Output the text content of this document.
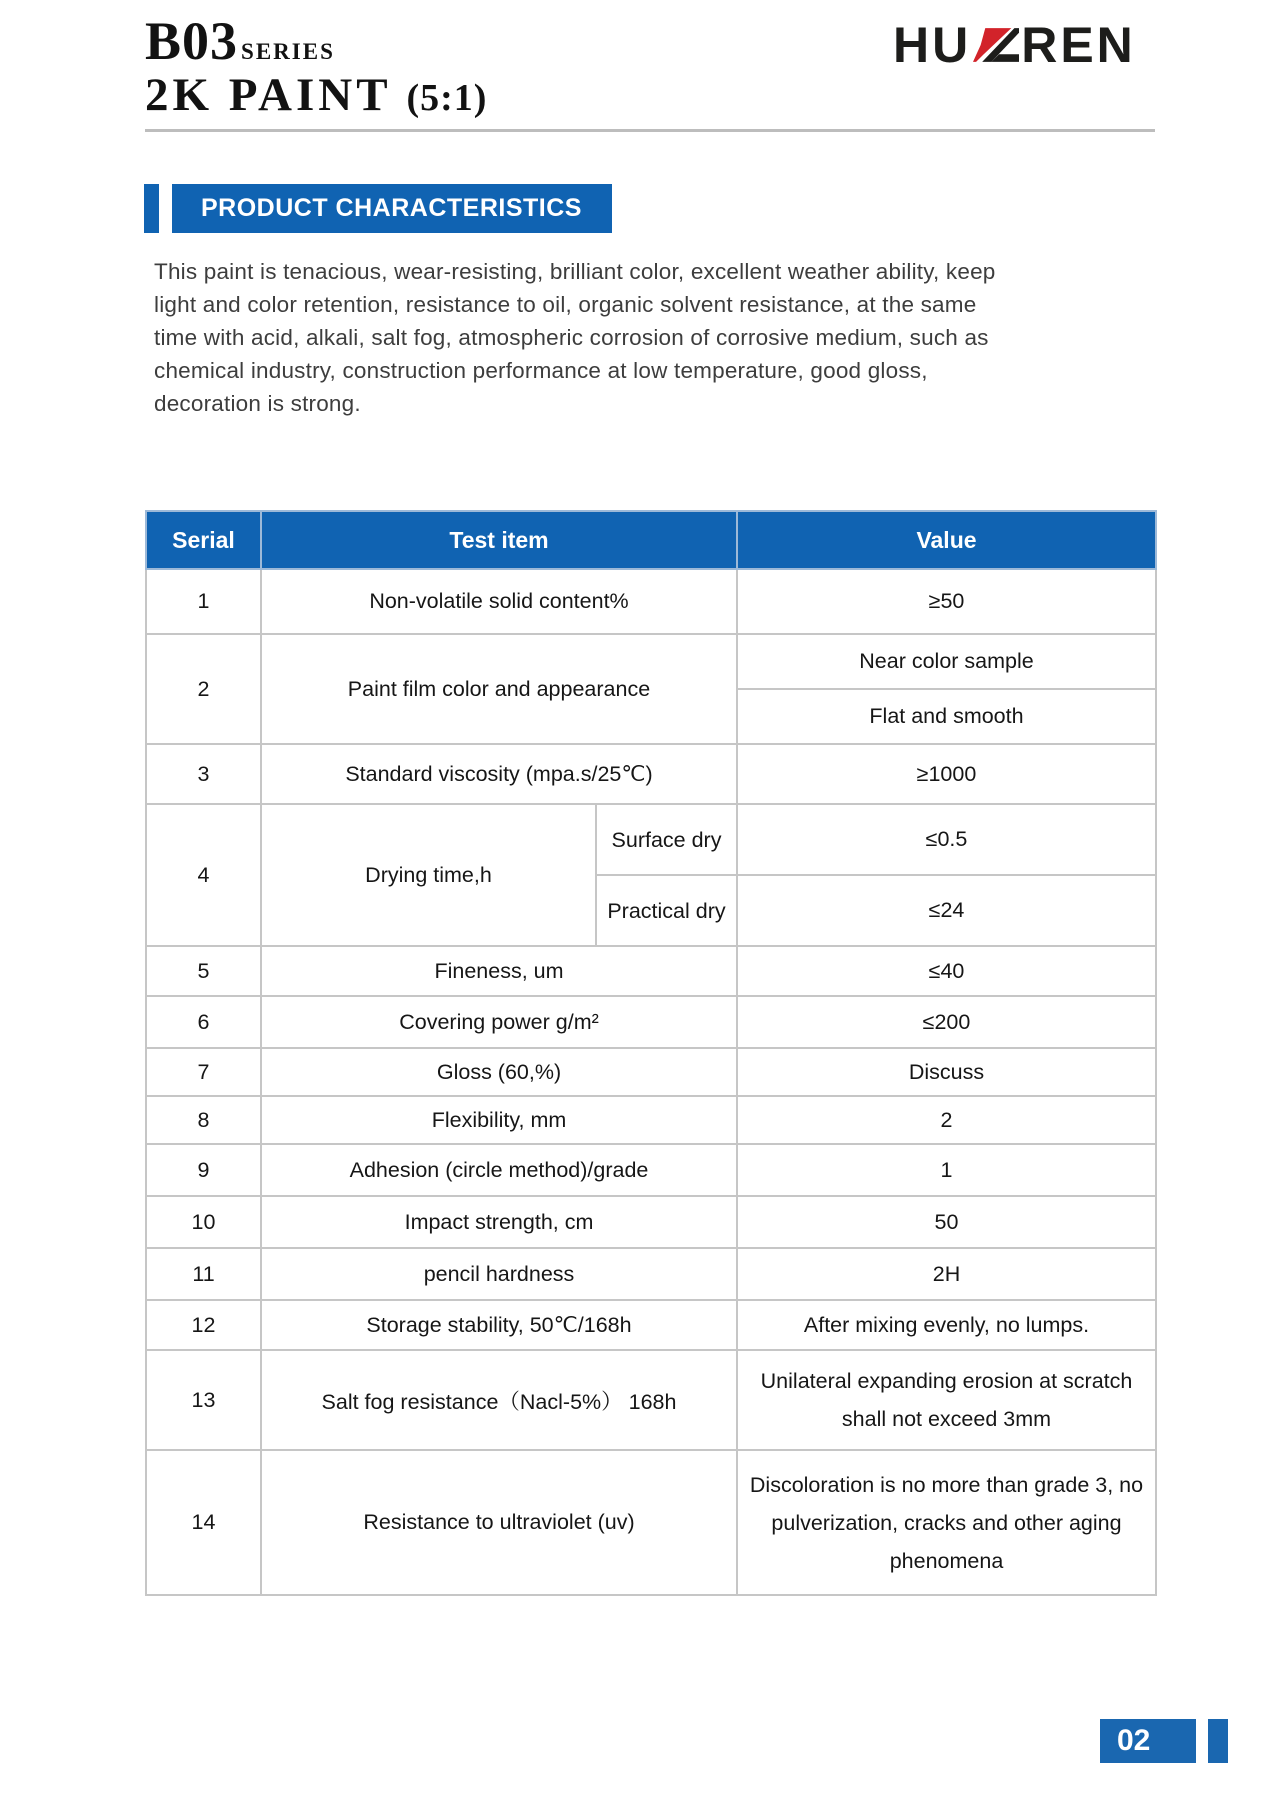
B03 SERIES
2K PAINT (5:1)
HU REN
PRODUCT CHARACTERISTICS

This paint is tenacious, wear-resisting, brilliant color, excellent weather ability, keep light and color retention, resistance to oil, organic solvent resistance, at the same time with acid, alkali, salt fog, atmospheric corrosion of corrosive medium, such as chemical industry, construction performance at low temperature, good gloss, decoration is strong.

Serial	Test item		Value
1	Non-volatile solid content%		≥50
2	Paint film color and appearance		Near color sample
			Flat and smooth
3	Standard viscosity (mpa.s/25℃)		≥1000
4	Drying time,h	Surface dry	≤0.5
		Practical dry	≤24
5	Fineness, um		≤40
6	Covering power g/m²		≤200
7	Gloss (60,%)		Discuss
8	Flexibility, mm		2
9	Adhesion (circle method)/grade		1
10	Impact strength, cm		50
11	pencil hardness		2H
12	Storage stability, 50℃/168h		After mixing evenly, no lumps.
13	Salt fog resistance（Nacl-5%） 168h		Unilateral expanding erosion at scratch shall not exceed 3mm
14	Resistance to ultraviolet (uv)		Discoloration is no more than grade 3, no pulverization, cracks and other aging phenomena
02
